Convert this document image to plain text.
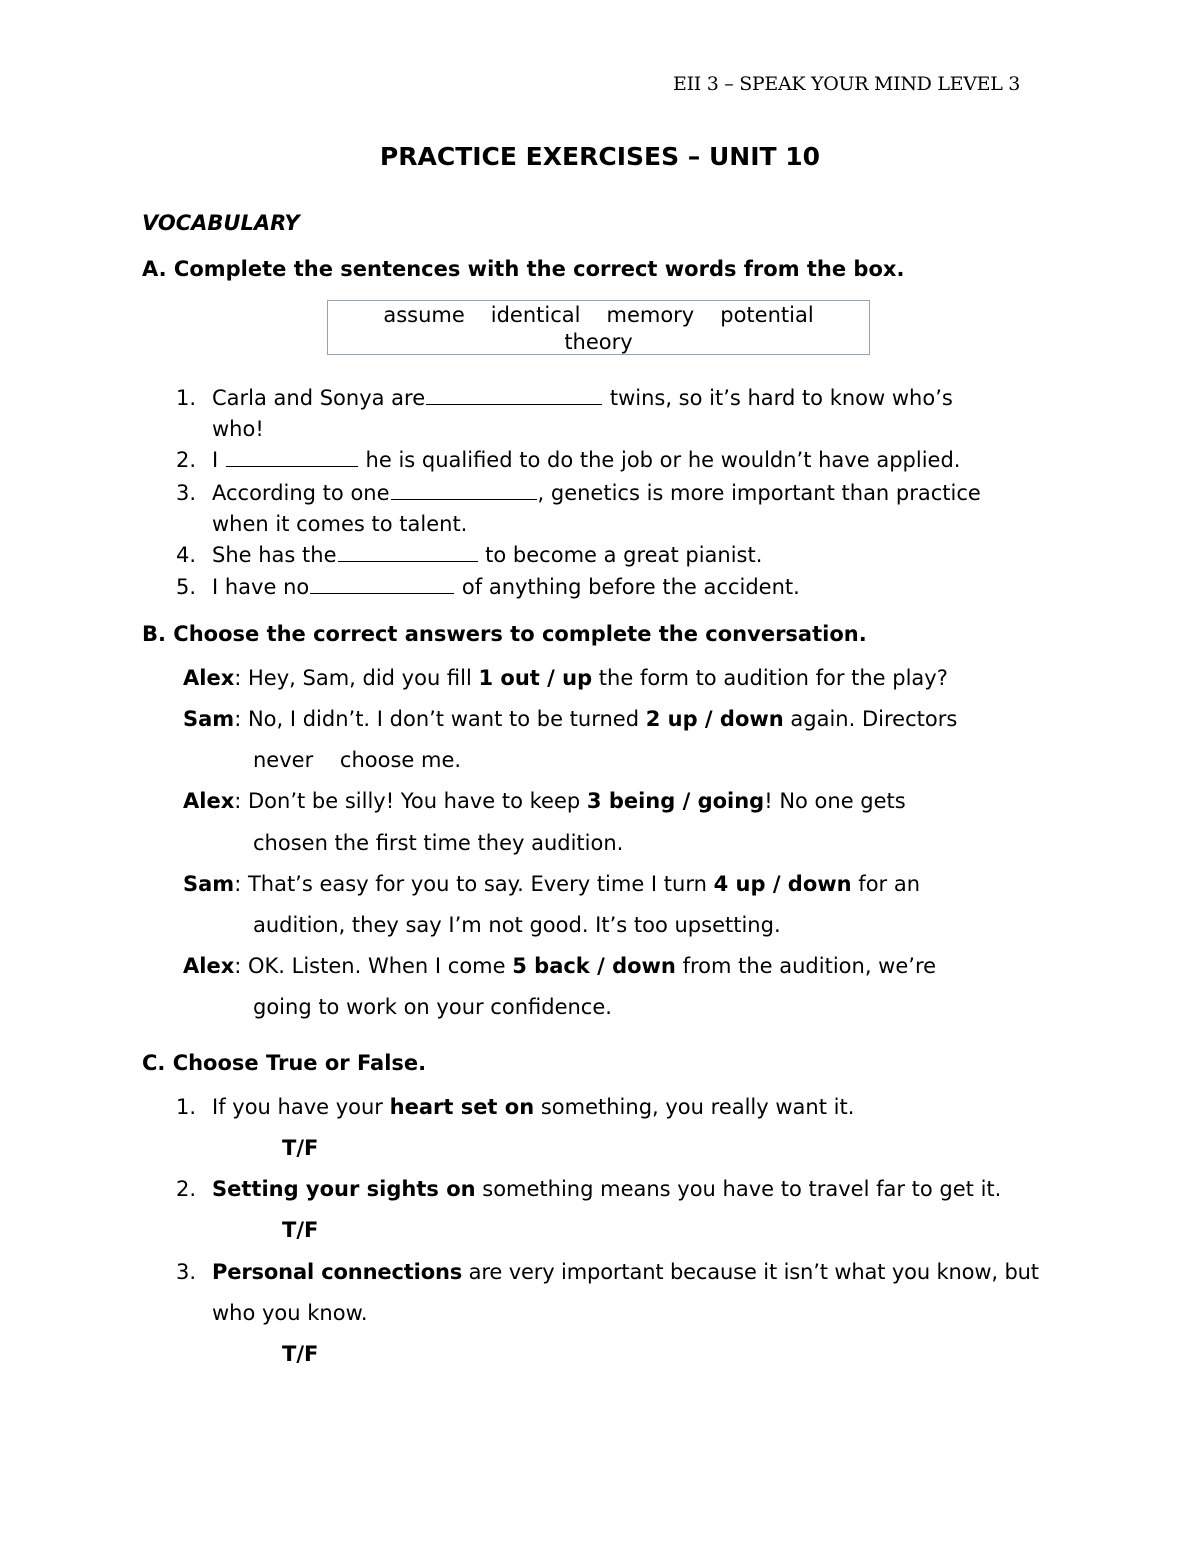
EII 3 – SPEAK YOUR MIND LEVEL 3
PRACTICE EXERCISES – UNIT 10
VOCABULARY
A. Complete the sentences with the correct words from the box.
assume identical memory potential
theory
1. Carla and Sonya are	twins, so it’s hard to know who’s
who!
2. I	he is qualified to do the job or he wouldn’t have applied.
3. According to one	, genetics is more important than practice
when it comes to talent.
4. She has the	to become a great pianist.
5. I have no	of anything before the accident.
B. Choose the correct answers to complete the conversation.
Alex: Hey, Sam, did you fill 1 out / up the form to audition for the play?
Sam: No, I didn’t. I don’t want to be turned 2 up / down again. Directors
never    choose me.
Alex: Don’t be silly! You have to keep 3 being / going! No one gets
chosen the first time they audition.
Sam: That’s easy for you to say. Every time I turn 4 up / down for an
audition, they say I’m not good. It’s too upsetting.
Alex: OK. Listen. When I come 5 back / down from the audition, we’re
going to work on your confidence.
C. Choose True or False.
1. If you have your heart set on something, you really want it.
T/F
2. Setting your sights on something means you have to travel far to get it.
T/F
3. Personal connections are very important because it isn’t what you know, but
who you know.
T/F
